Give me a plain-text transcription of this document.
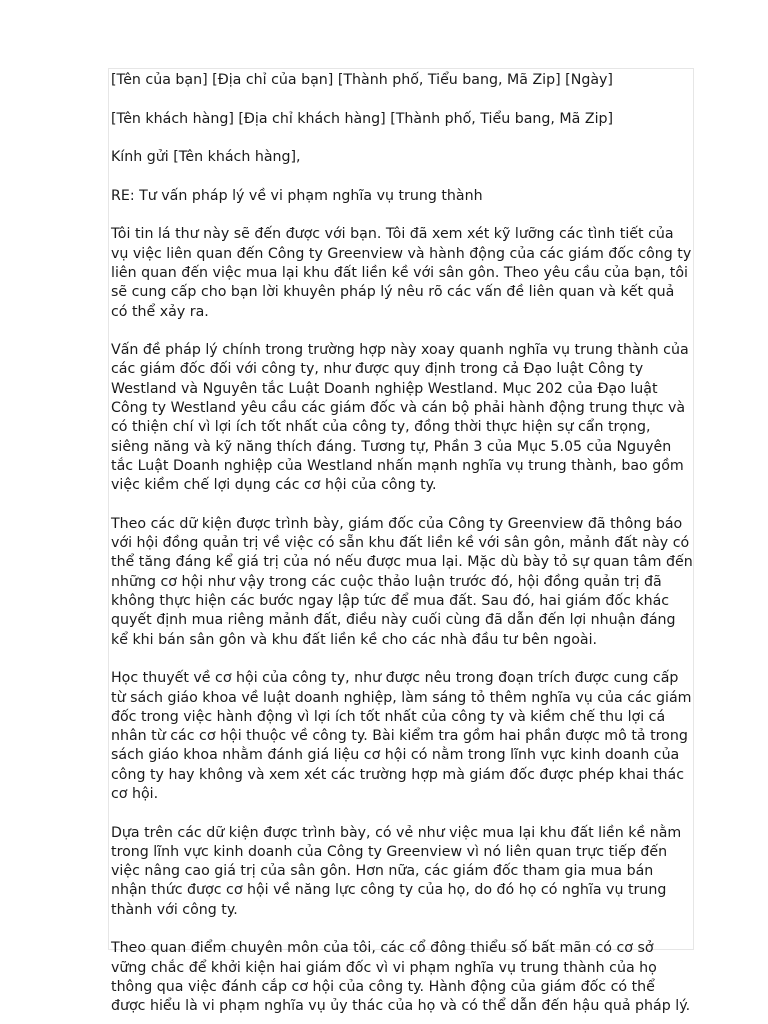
[Tên của bạn] [Địa chỉ của bạn] [Thành phố, Tiểu bang, Mã Zip] [Ngày]

[Tên khách hàng] [Địa chỉ khách hàng] [Thành phố, Tiểu bang, Mã Zip]

Kính gửi [Tên khách hàng],

RE: Tư vấn pháp lý về vi phạm nghĩa vụ trung thành

Tôi tin lá thư này sẽ đến được với bạn. Tôi đã xem xét kỹ lưỡng các tình tiết của vụ việc liên quan đến Công ty Greenview và hành động của các giám đốc công ty liên quan đến việc mua lại khu đất liền kề với sân gôn. Theo yêu cầu của bạn, tôi sẽ cung cấp cho bạn lời khuyên pháp lý nêu rõ các vấn đề liên quan và kết quả có thể xảy ra.

Vấn đề pháp lý chính trong trường hợp này xoay quanh nghĩa vụ trung thành của các giám đốc đối với công ty, như được quy định trong cả Đạo luật Công ty Westland và Nguyên tắc Luật Doanh nghiệp Westland. Mục 202 của Đạo luật Công ty Westland yêu cầu các giám đốc và cán bộ phải hành động trung thực và có thiện chí vì lợi ích tốt nhất của công ty, đồng thời thực hiện sự cẩn trọng, siêng năng và kỹ năng thích đáng. Tương tự, Phần 3 của Mục 5.05 của Nguyên tắc Luật Doanh nghiệp của Westland nhấn mạnh nghĩa vụ trung thành, bao gồm việc kiềm chế lợi dụng các cơ hội của công ty.

Theo các dữ kiện được trình bày, giám đốc của Công ty Greenview đã thông báo với hội đồng quản trị về việc có sẵn khu đất liền kề với sân gôn, mảnh đất này có thể tăng đáng kể giá trị của nó nếu được mua lại. Mặc dù bày tỏ sự quan tâm đến những cơ hội như vậy trong các cuộc thảo luận trước đó, hội đồng quản trị đã không thực hiện các bước ngay lập tức để mua đất. Sau đó, hai giám đốc khác quyết định mua riêng mảnh đất, điều này cuối cùng đã dẫn đến lợi nhuận đáng kể khi bán sân gôn và khu đất liền kề cho các nhà đầu tư bên ngoài.

Học thuyết về cơ hội của công ty, như được nêu trong đoạn trích được cung cấp từ sách giáo khoa về luật doanh nghiệp, làm sáng tỏ thêm nghĩa vụ của các giám đốc trong việc hành động vì lợi ích tốt nhất của công ty và kiềm chế thu lợi cá nhân từ các cơ hội thuộc về công ty. Bài kiểm tra gồm hai phần được mô tả trong sách giáo khoa nhằm đánh giá liệu cơ hội có nằm trong lĩnh vực kinh doanh của công ty hay không và xem xét các trường hợp mà giám đốc được phép khai thác cơ hội.

Dựa trên các dữ kiện được trình bày, có vẻ như việc mua lại khu đất liền kề nằm trong lĩnh vực kinh doanh của Công ty Greenview vì nó liên quan trực tiếp đến việc nâng cao giá trị của sân gôn. Hơn nữa, các giám đốc tham gia mua bán nhận thức được cơ hội về năng lực công ty của họ, do đó họ có nghĩa vụ trung thành với công ty.

Theo quan điểm chuyên môn của tôi, các cổ đông thiểu số bất mãn có cơ sở vững chắc để khởi kiện hai giám đốc vì vi phạm nghĩa vụ trung thành của họ thông qua việc đánh cắp cơ hội của công ty. Hành động của giám đốc có thể được hiểu là vi phạm nghĩa vụ ủy thác của họ và có thể dẫn đến hậu quả pháp lý.
